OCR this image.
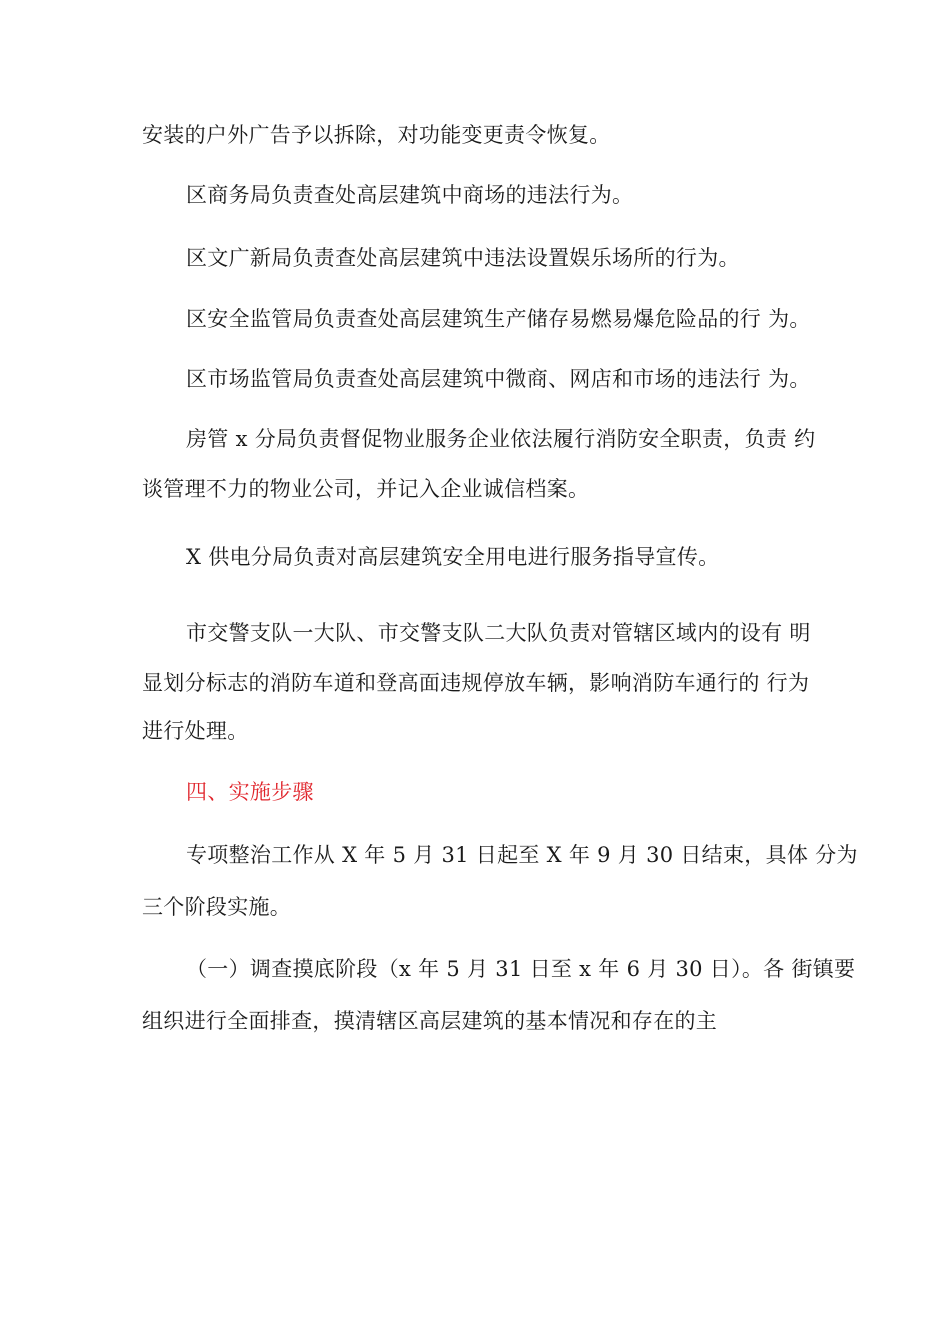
安装的户外广告予以拆除，对功能变更责令恢复。
区商务局负责查处高层建筑中商场的违法行为。
区文广新局负责查处高层建筑中违法设置娱乐场所的行为。
区安全监管局负责查处高层建筑生产储存易燃易爆危险品的行 为。
区市场监管局负责查处高层建筑中微商、网店和市场的违法行 为。
房管 x 分局负责督促物业服务企业依法履行消防安全职责，负责 约
谈管理不力的物业公司，并记入企业诚信档案。
X 供电分局负责对高层建筑安全用电进行服务指导宣传。
市交警支队一大队、市交警支队二大队负责对管辖区域内的设有 明
显划分标志的消防车道和登高面违规停放车辆，影响消防车通行的 行为
进行处理。
四、实施步骤
专项整治工作从 X 年 5 月 31 日起至 X 年 9 月 30 日结束，具体 分为
三个阶段实施。
（一）调查摸底阶段（x 年 5 月 31 日至 x 年 6 月 30 日）。各 街镇要
组织进行全面排查，摸清辖区高层建筑的基本情况和存在的主
